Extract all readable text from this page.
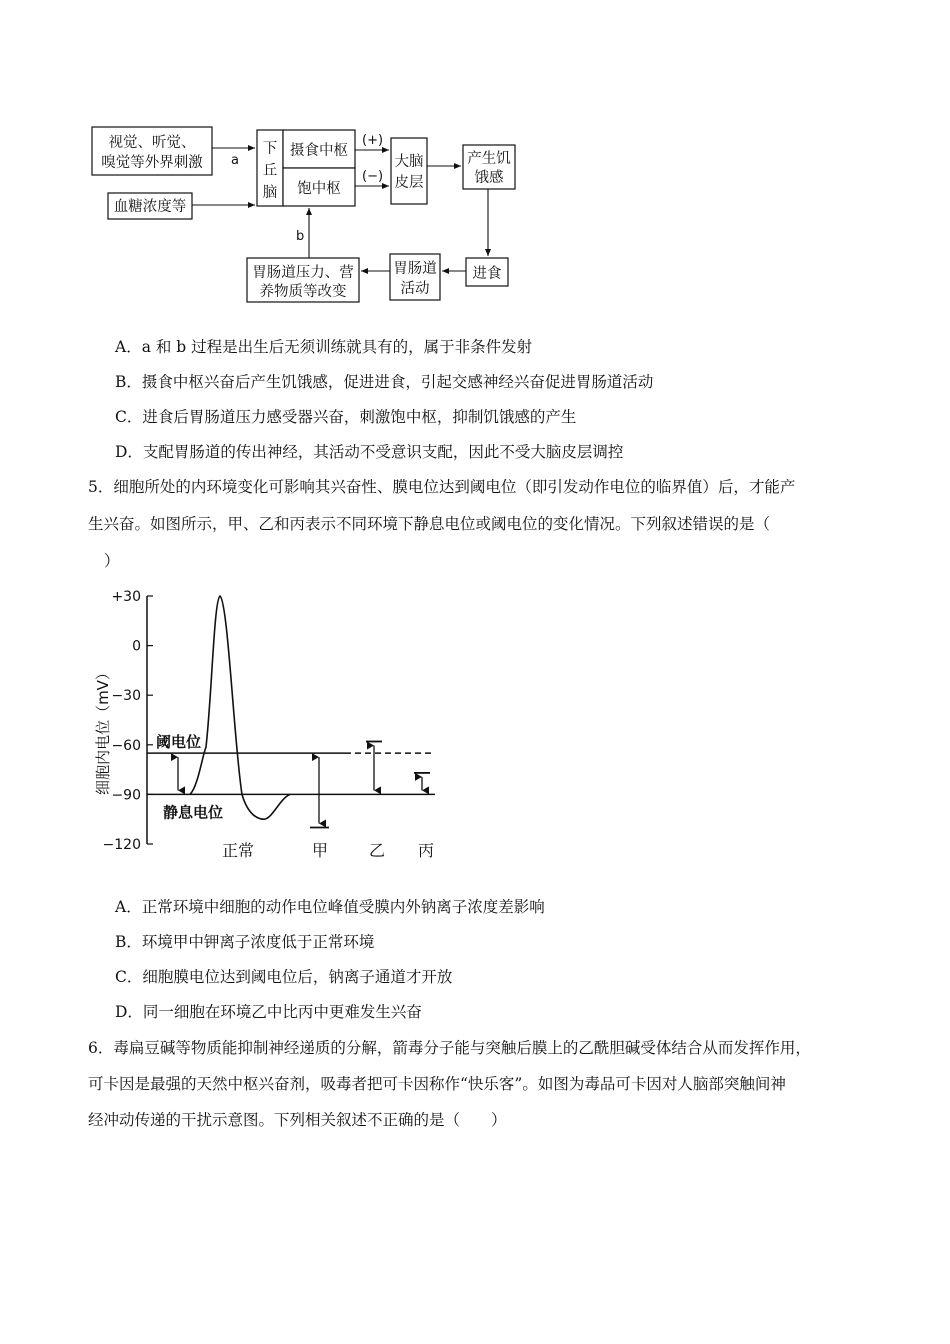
视觉、听觉、
嗅觉等外界刺激
血糖浓度等
下
丘
脑
摄食中枢
饱中枢
大脑
皮层
产生饥
饿感
进食
胃肠道
活动
胃肠道压力、营
养物质等改变
a
b
(+)
(−)
A．a 和 b 过程是出生后无须训练就具有的，属于非条件发射
B．摄食中枢兴奋后产生饥饿感，促进进食，引起交感神经兴奋促进胃肠道活动
C．进食后胃肠道压力感受器兴奋，刺激饱中枢，抑制饥饿感的产生
D．支配胃肠道的传出神经，其活动不受意识支配，因此不受大脑皮层调控
5．细胞所处的内环境变化可影响其兴奋性、膜电位达到阈电位（即引发动作电位的临界值）后，才能产
生兴奋。如图所示，甲、乙和丙表示不同环境下静息电位或阈电位的变化情况。下列叙述错误的是（
）
+30
0
−30
−60
−90
−120
细胞内电位（mV）	阈电位
静息电位
正常	甲	乙 丙
A．正常环境中细胞的动作电位峰值受膜内外钠离子浓度差影响
B．环境甲中钾离子浓度低于正常环境
C．细胞膜电位达到阈电位后，钠离子通道才开放
D．同一细胞在环境乙中比丙中更难发生兴奋
6．毒扁豆碱等物质能抑制神经递质的分解，箭毒分子能与突触后膜上的乙酰胆碱受体结合从而发挥作用，
可卡因是最强的天然中枢兴奋剂，吸毒者把可卡因称作“快乐客”。如图为毒品可卡因对人脑部突触间神
经冲动传递的干扰示意图。下列相关叙述不正确的是（　　）
